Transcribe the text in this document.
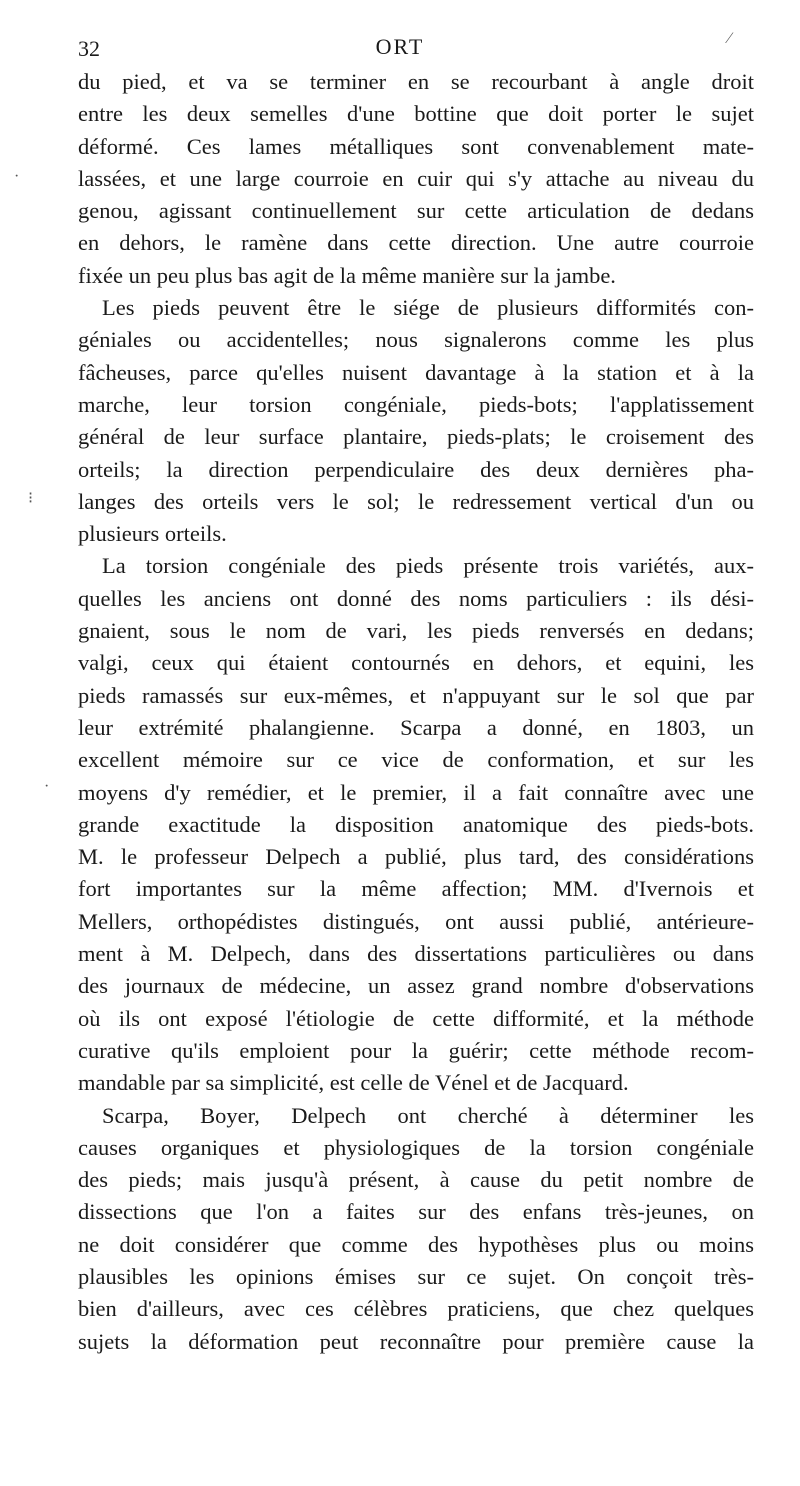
32	ORT
du pied, et va se terminer en se recourbant à angle droit
entre les deux semelles d'une bottine que doit porter le sujet
déformé. Ces lames métalliques sont convenablement mate-
lassées, et une large courroie en cuir qui s'y attache au niveau du
genou, agissant continuellement sur cette articulation de dedans
en dehors, le ramène dans cette direction. Une autre courroie
fixée un peu plus bas agit de la même manière sur la jambe.
Les pieds peuvent être le siége de plusieurs difformités con-
géniales ou accidentelles; nous signalerons comme les plus
fâcheuses, parce qu'elles nuisent davantage à la station et à la
marche, leur torsion congéniale, pieds-bots; l'applatissement
général de leur surface plantaire, pieds-plats; le croisement des
orteils; la direction perpendiculaire des deux dernières pha-
langes des orteils vers le sol; le redressement vertical d'un ou
plusieurs orteils.
La torsion congéniale des pieds présente trois variétés, aux-
quelles les anciens ont donné des noms particuliers : ils dési-
gnaient, sous le nom de vari, les pieds renversés en dedans;
valgi, ceux qui étaient contournés en dehors, et equini, les
pieds ramassés sur eux-mêmes, et n'appuyant sur le sol que par
leur extrémité phalangienne. Scarpa a donné, en 1803, un
excellent mémoire sur ce vice de conformation, et sur les
moyens d'y remédier, et le premier, il a fait connaître avec une
grande exactitude la disposition anatomique des pieds-bots.
M. le professeur Delpech a publié, plus tard, des considérations
fort importantes sur la même affection; MM. d'Ivernois et
Mellers, orthopédistes distingués, ont aussi publié, antérieure-
ment à M. Delpech, dans des dissertations particulières ou dans
des journaux de médecine, un assez grand nombre d'observations
où ils ont exposé l'étiologie de cette difformité, et la méthode
curative qu'ils emploient pour la guérir; cette méthode recom-
mandable par sa simplicité, est celle de Vénel et de Jacquard.
Scarpa, Boyer, Delpech ont cherché à déterminer les
causes organiques et physiologiques de la torsion congéniale
des pieds; mais jusqu'à présent, à cause du petit nombre de
dissections que l'on a faites sur des enfans très-jeunes, on
ne doit considérer que comme des hypothèses plus ou moins
plausibles les opinions émises sur ce sujet. On conçoit très-
bien d'ailleurs, avec ces célèbres praticiens, que chez quelques
sujets la déformation peut reconnaître pour première cause la
⁄
·
⁝
·
